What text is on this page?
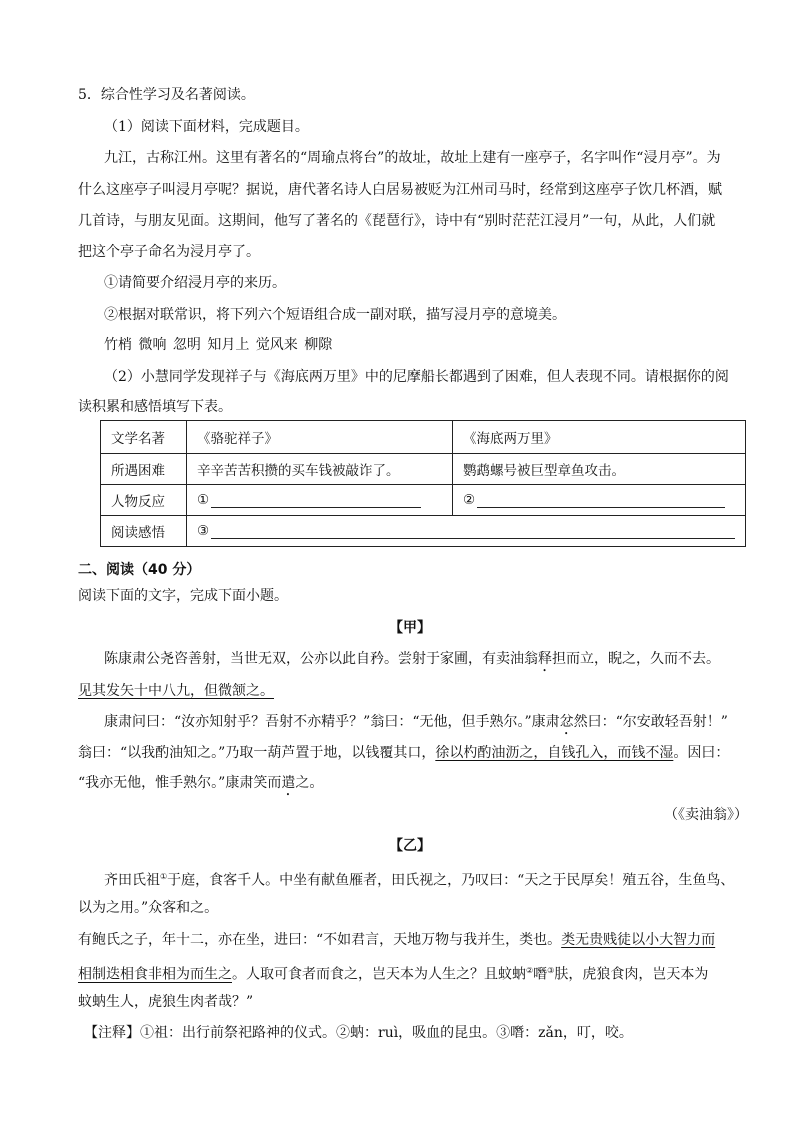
5．综合性学习及名著阅读。
（1）阅读下面材料，完成题目。
九江，古称江州。这里有著名的“周瑜点将台”的故址，故址上建有一座亭子，名字叫作“浸月亭”。为
什么这座亭子叫浸月亭呢？据说，唐代著名诗人白居易被贬为江州司马时，经常到这座亭子饮几杯酒，赋
几首诗，与朋友见面。这期间，他写了著名的《琵琶行》，诗中有“别时茫茫江浸月”一句，从此，人们就
把这个亭子命名为浸月亭了。
①请简要介绍浸月亭的来历。
②根据对联常识，将下列六个短语组合成一副对联，描写浸月亭的意境美。
竹梢 微响 忽明 知月上 觉风来 柳隙
（2）小慧同学发现祥子与《海底两万里》中的尼摩船长都遇到了困难，但人表现不同。请根据你的阅
读积累和感悟填写下表。
文学名著	《骆驼祥子》	《海底两万里》
所遇困难	辛辛苦苦积攒的买车钱被敲诈了。	鹦鹉螺号被巨型章鱼攻击。
人物反应	①	②
阅读感悟	③	
二、阅读（40 分）
阅读下面的文字，完成下面小题。
【甲】
陈康肃公尧咨善射，当世无双，公亦以此自矜。尝射于家圃，有卖油翁释担而立，睨之，久而不去。
见其发矢十中八九，但微颔之。
康肃问曰：“汝亦知射乎？吾射不亦精乎？”翁曰：“无他，但手熟尔。”康肃忿然曰：“尔安敢轻吾射！”
翁曰：“以我酌油知之。”乃取一葫芦置于地，以钱覆其口，徐以杓酌油沥之，自钱孔入，而钱不湿。因曰：
“我亦无他，惟手熟尔。”康肃笑而遣之。
（《卖油翁》）
【乙】
齐田氏祖①于庭，食客千人。中坐有献鱼雁者，田氏视之，乃叹曰：“天之于民厚矣！殖五谷，生鱼鸟、
以为之用。”众客和之。
有鲍氏之子，年十二，亦在坐，进曰：“不如君言，天地万物与我并生，类也。类无贵贱徒以小大智力而
相制迭相食非相为而生之。人取可食者而食之，岂天本为人生之？且蚊蚋②噆③肤，虎狼食肉，岂天本为
蚊蚋生人，虎狼生肉者哉？”
【注释】①祖：出行前祭祀路神的仪式。②蚋：ruì，吸血的昆虫。③噆：zǎn，叮，咬。
